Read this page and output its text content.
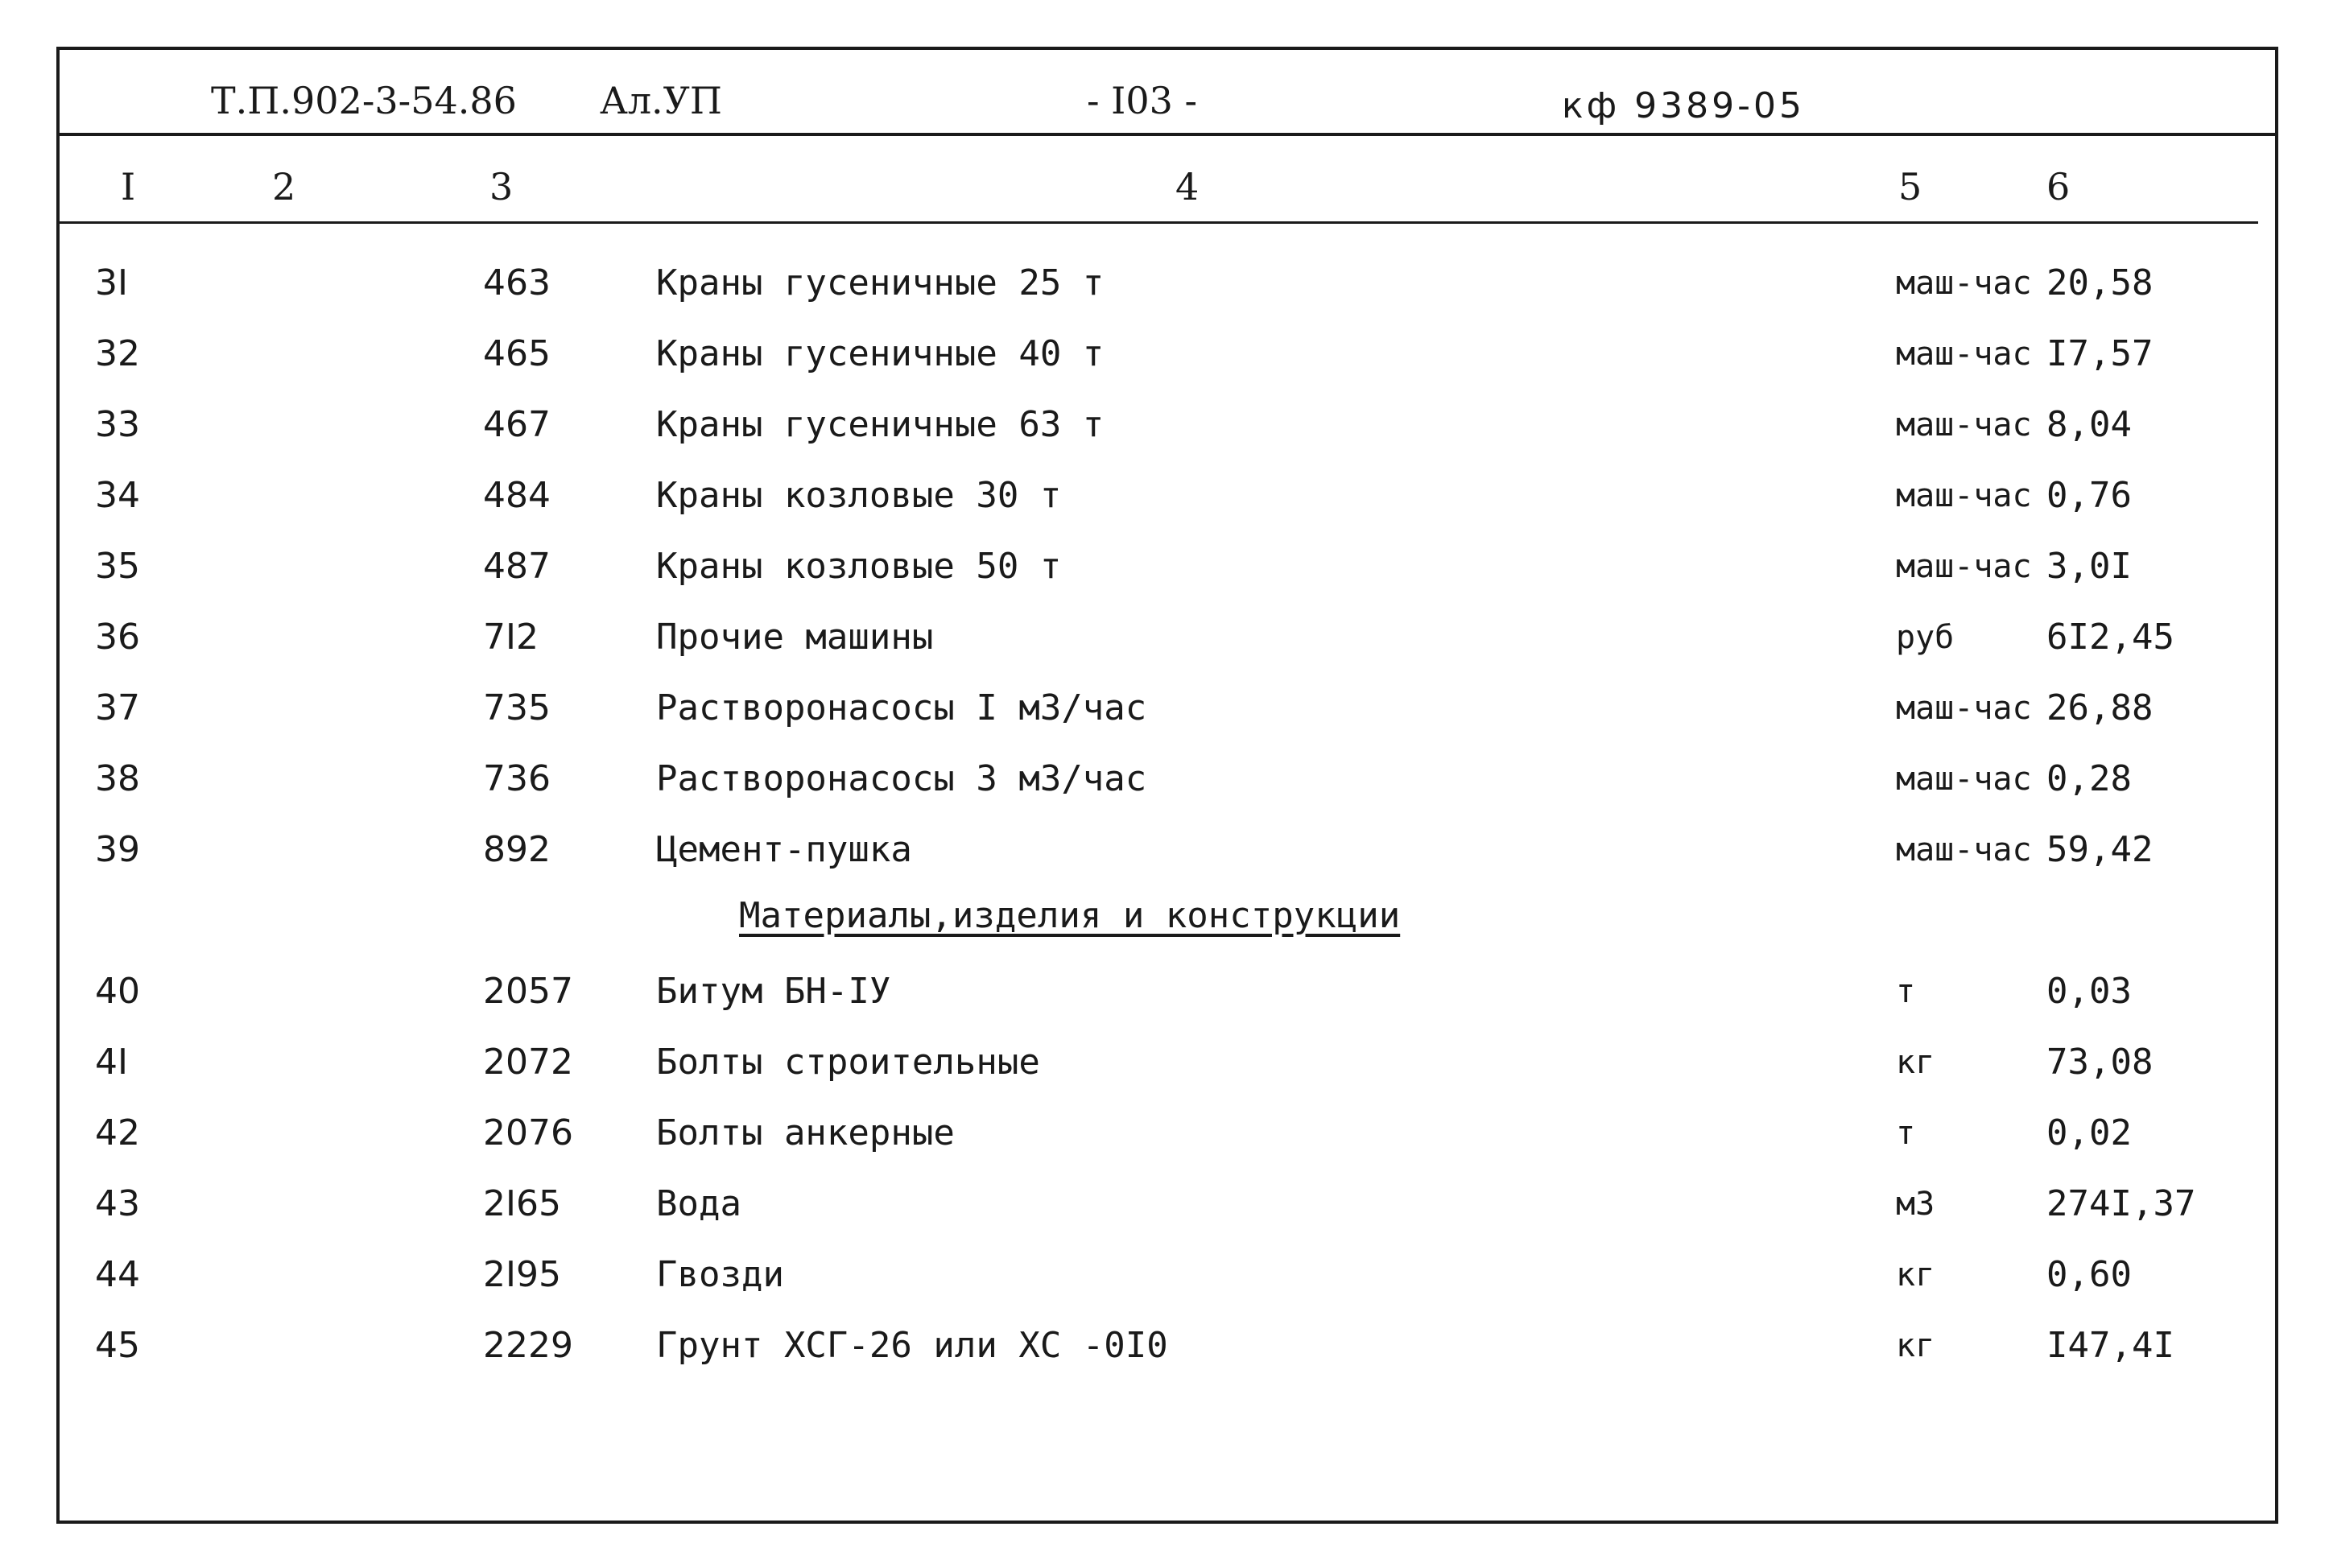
Т.П.902-3-54.86 Ал.УП	- I03 -	кф 9389-05
I	2	3	4	5	6
3I	463	Краны гусеничные 25 т	маш-час 20,58
32	465	Краны гусеничные 40 т	маш-час I7,57
33	467	Краны гусеничные 63 т	маш-час 8,04
34	484	Краны козловые 30 т	маш-час 0,76
35	487	Краны козловые 50 т	маш-час 3,0I
36	7I2	Прочие машины	руб	6I2,45
37	735	Растворонасосы I м3/час	маш-час 26,88
38	736	Растворонасосы 3 м3/час	маш-час 0,28
39	892	Цемент-пушка	маш-час 59,42
Материалы,изделия и конструкции
40	2057 Битум БН-IУ	т	0,03
4I	2072 Болты строительные	кг	73,08
42	2076 Болты анкерные	т	0,02
43	2I65	Вода	м3	274I,37
44	2I95	Гвозди	кг	0,60
45	2229 Грунт ХСГ-26 или ХС -0I0	кг	I47,4I
